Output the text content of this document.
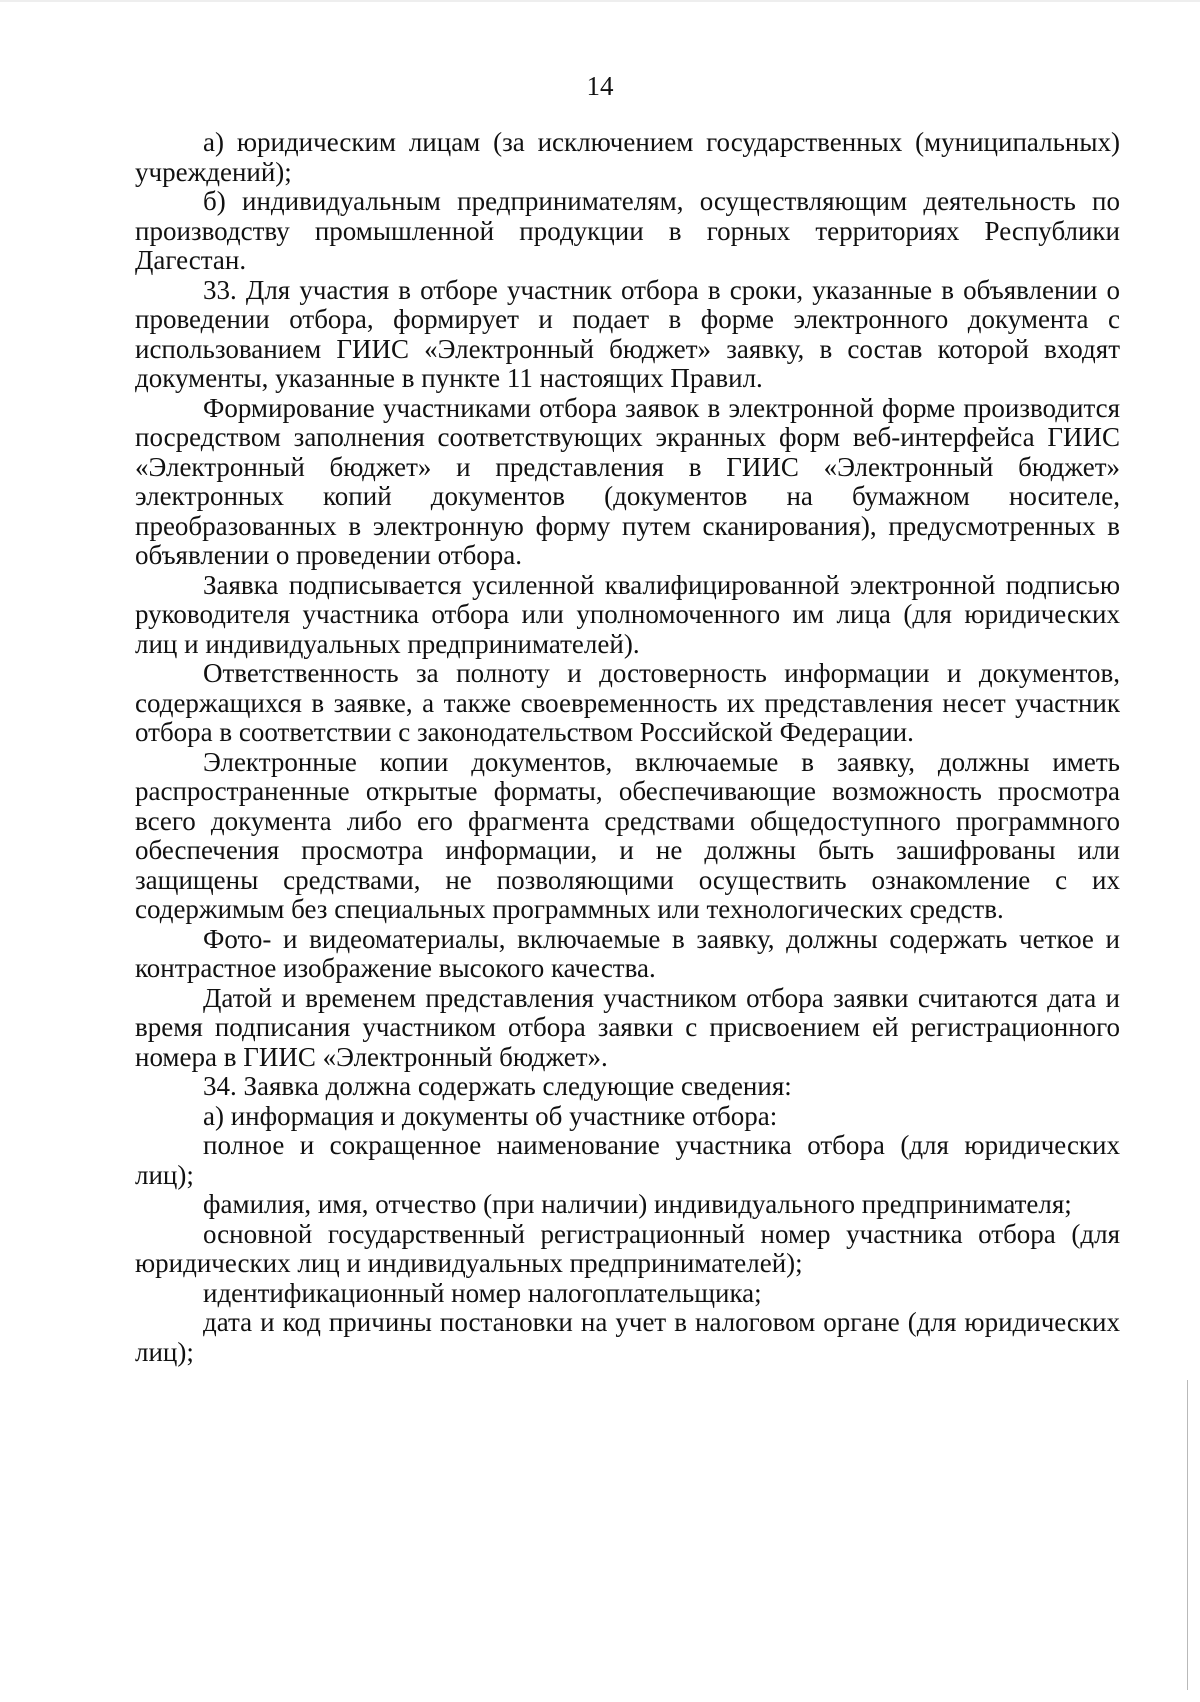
14

а) юридическим лицам (за исключением государственных (муниципальных) учреждений);

б) индивидуальным предпринимателям, осуществляющим деятельность по производству промышленной продукции в горных территориях Республики Дагестан.

33. Для участия в отборе участник отбора в сроки, указанные в объявлении о проведении отбора, формирует и подает в форме электронного документа с использованием ГИИС «Электронный бюджет» заявку, в состав которой входят документы, указанные в пункте 11 настоящих Правил.

Формирование участниками отбора заявок в электронной форме производится посредством заполнения соответствующих экранных форм веб-интерфейса ГИИС «Электронный бюджет» и представления в ГИИС «Электронный бюджет» электронных копий документов (документов на бумажном носителе, преобразованных в электронную форму путем сканирования), предусмотренных в объявлении о проведении отбора.

Заявка подписывается усиленной квалифицированной электронной подписью руководителя участника отбора или уполномоченного им лица (для юридических лиц и индивидуальных предпринимателей).

Ответственность за полноту и достоверность информации и документов, содержащихся в заявке, а также своевременность их представления несет участник отбора в соответствии с законодательством Российской Федерации.

Электронные копии документов, включаемые в заявку, должны иметь распространенные открытые форматы, обеспечивающие возможность просмотра всего документа либо его фрагмента средствами общедоступного программного обеспечения просмотра информации, и не должны быть зашифрованы или защищены средствами, не позволяющими осуществить ознакомление с их содержимым без специальных программных или технологических средств.

Фото- и видеоматериалы, включаемые в заявку, должны содержать четкое и контрастное изображение высокого качества.

Датой и временем представления участником отбора заявки считаются дата и время подписания участником отбора заявки с присвоением ей регистрационного номера в ГИИС «Электронный бюджет».

34. Заявка должна содержать следующие сведения:

а) информация и документы об участнике отбора:

полное и сокращенное наименование участника отбора (для юридических лиц);

фамилия, имя, отчество (при наличии) индивидуального предпринимателя;

основной государственный регистрационный номер участника отбора (для юридических лиц и индивидуальных предпринимателей);

идентификационный номер налогоплательщика;

дата и код причины постановки на учет в налоговом органе (для юридических лиц);
